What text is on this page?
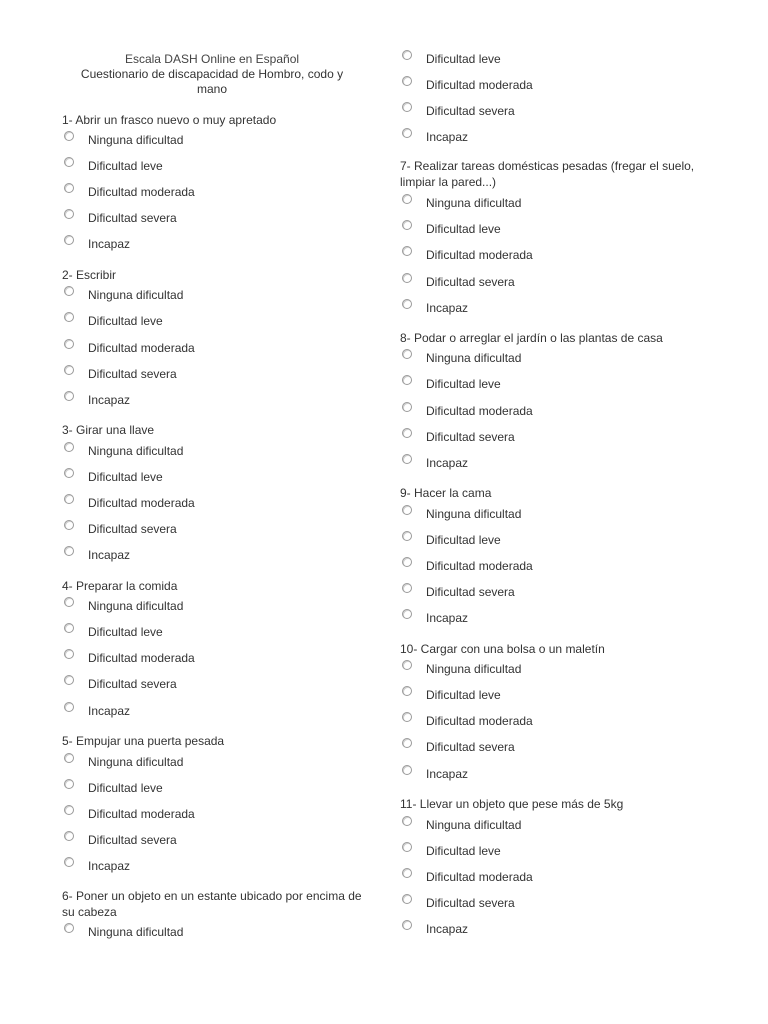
Escala DASH Online en Español
Cuestionario de discapacidad de Hombro, codo y
mano
1- Abrir un frasco nuevo o muy apretado
Ninguna dificultad
Dificultad leve
Dificultad moderada
Dificultad severa
Incapaz
2- Escribir
Ninguna dificultad
Dificultad leve
Dificultad moderada
Dificultad severa
Incapaz
3- Girar una llave
Ninguna dificultad
Dificultad leve
Dificultad moderada
Dificultad severa
Incapaz
4- Preparar la comida
Ninguna dificultad
Dificultad leve
Dificultad moderada
Dificultad severa
Incapaz
5- Empujar una puerta pesada
Ninguna dificultad
Dificultad leve
Dificultad moderada
Dificultad severa
Incapaz
6- Poner un objeto en un estante ubicado por encima de su cabeza
Ninguna dificultad
Dificultad leve
Dificultad moderada
Dificultad severa
Incapaz
7- Realizar tareas domésticas pesadas (fregar el suelo, limpiar la pared...)
Ninguna dificultad
Dificultad leve
Dificultad moderada
Dificultad severa
Incapaz
8- Podar o arreglar el jardín o las plantas de casa
Ninguna dificultad
Dificultad leve
Dificultad moderada
Dificultad severa
Incapaz
9- Hacer la cama
Ninguna dificultad
Dificultad leve
Dificultad moderada
Dificultad severa
Incapaz
10- Cargar con una bolsa o un maletín
Ninguna dificultad
Dificultad leve
Dificultad moderada
Dificultad severa
Incapaz
11- Llevar un objeto que pese más de 5kg
Ninguna dificultad
Dificultad leve
Dificultad moderada
Dificultad severa
Incapaz
